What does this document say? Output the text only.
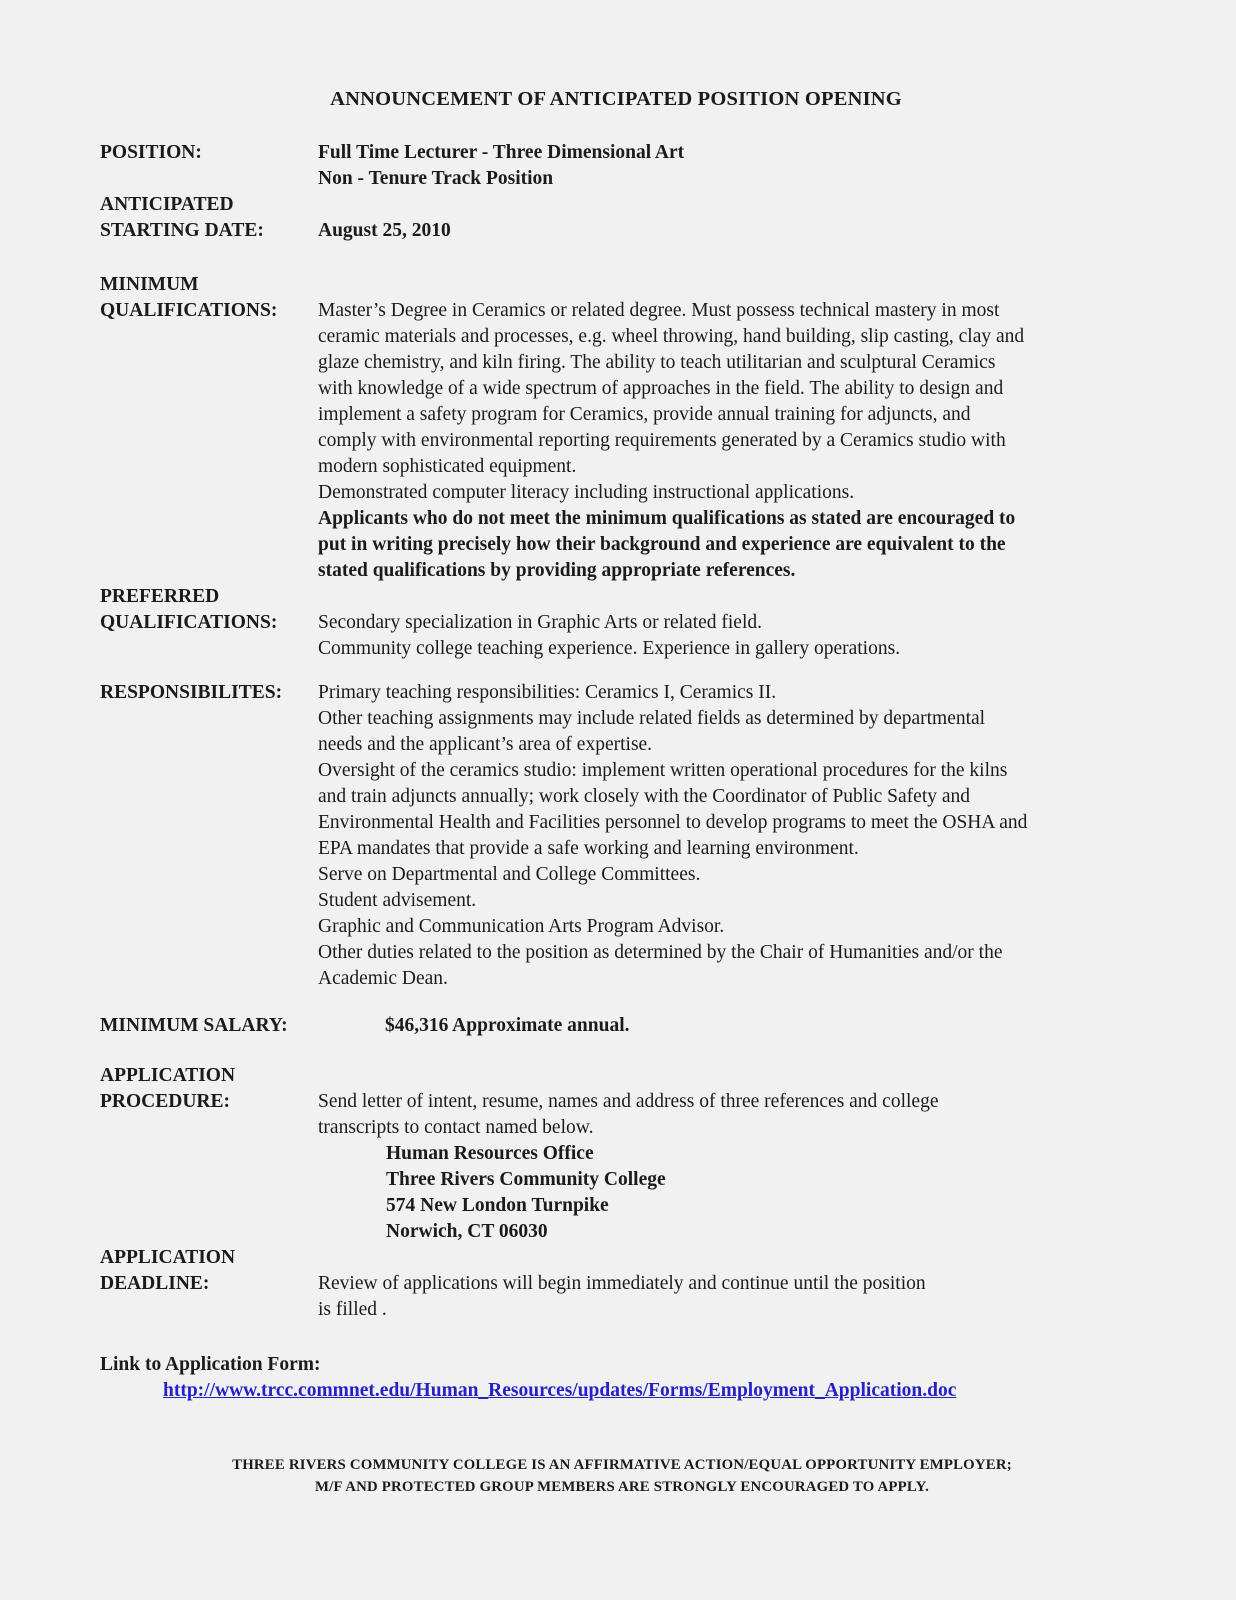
ANNOUNCEMENT OF ANTICIPATED POSITION OPENING
POSITION:	Full Time Lecturer - Three Dimensional Art
Non - Tenure Track Position
ANTICIPATED
STARTING DATE:	August 25, 2010
MINIMUM
QUALIFICATIONS:	Master’s Degree in Ceramics or related degree. Must possess technical mastery in most
ceramic materials and processes, e.g. wheel throwing, hand building, slip casting, clay and
glaze chemistry, and kiln firing. The ability to teach utilitarian and sculptural Ceramics
with knowledge of a wide spectrum of approaches in the field. The ability to design and
implement a safety program for Ceramics, provide annual training for adjuncts, and
comply with environmental reporting requirements generated by a Ceramics studio with
modern sophisticated equipment.
Demonstrated computer literacy including instructional applications.
Applicants who do not meet the minimum qualifications as stated are encouraged to
put in writing precisely how their background and experience are equivalent to the
stated qualifications by providing appropriate references.
PREFERRED
QUALIFICATIONS:	Secondary specialization in Graphic Arts or related field.
Community college teaching experience. Experience in gallery operations.
RESPONSIBILITES:	Primary teaching responsibilities: Ceramics I, Ceramics II.
Other teaching assignments may include related fields as determined by departmental
needs and the applicant’s area of expertise.
Oversight of the ceramics studio: implement written operational procedures for the kilns
and train adjuncts annually; work closely with the Coordinator of Public Safety and
Environmental Health and Facilities personnel to develop programs to meet the OSHA and
EPA mandates that provide a safe working and learning environment.
Serve on Departmental and College Committees.
Student advisement.
Graphic and Communication Arts Program Advisor.
Other duties related to the position as determined by the Chair of Humanities and/or the
Academic Dean.
MINIMUM SALARY:	$46,316 Approximate annual.
APPLICATION
PROCEDURE:	Send letter of intent, resume, names and address of three references and college
transcripts to contact named below.
Human Resources Office
Three Rivers Community College
574 New London Turnpike
Norwich, CT 06030
APPLICATION
DEADLINE:	Review of applications will begin immediately and continue until the position
is filled .
Link to Application Form:
http://www.trcc.commnet.edu/Human_Resources/updates/Forms/Employment_Application.doc
THREE RIVERS COMMUNITY COLLEGE IS AN AFFIRMATIVE ACTION/EQUAL OPPORTUNITY EMPLOYER;
M/F AND PROTECTED GROUP MEMBERS ARE STRONGLY ENCOURAGED TO APPLY.
